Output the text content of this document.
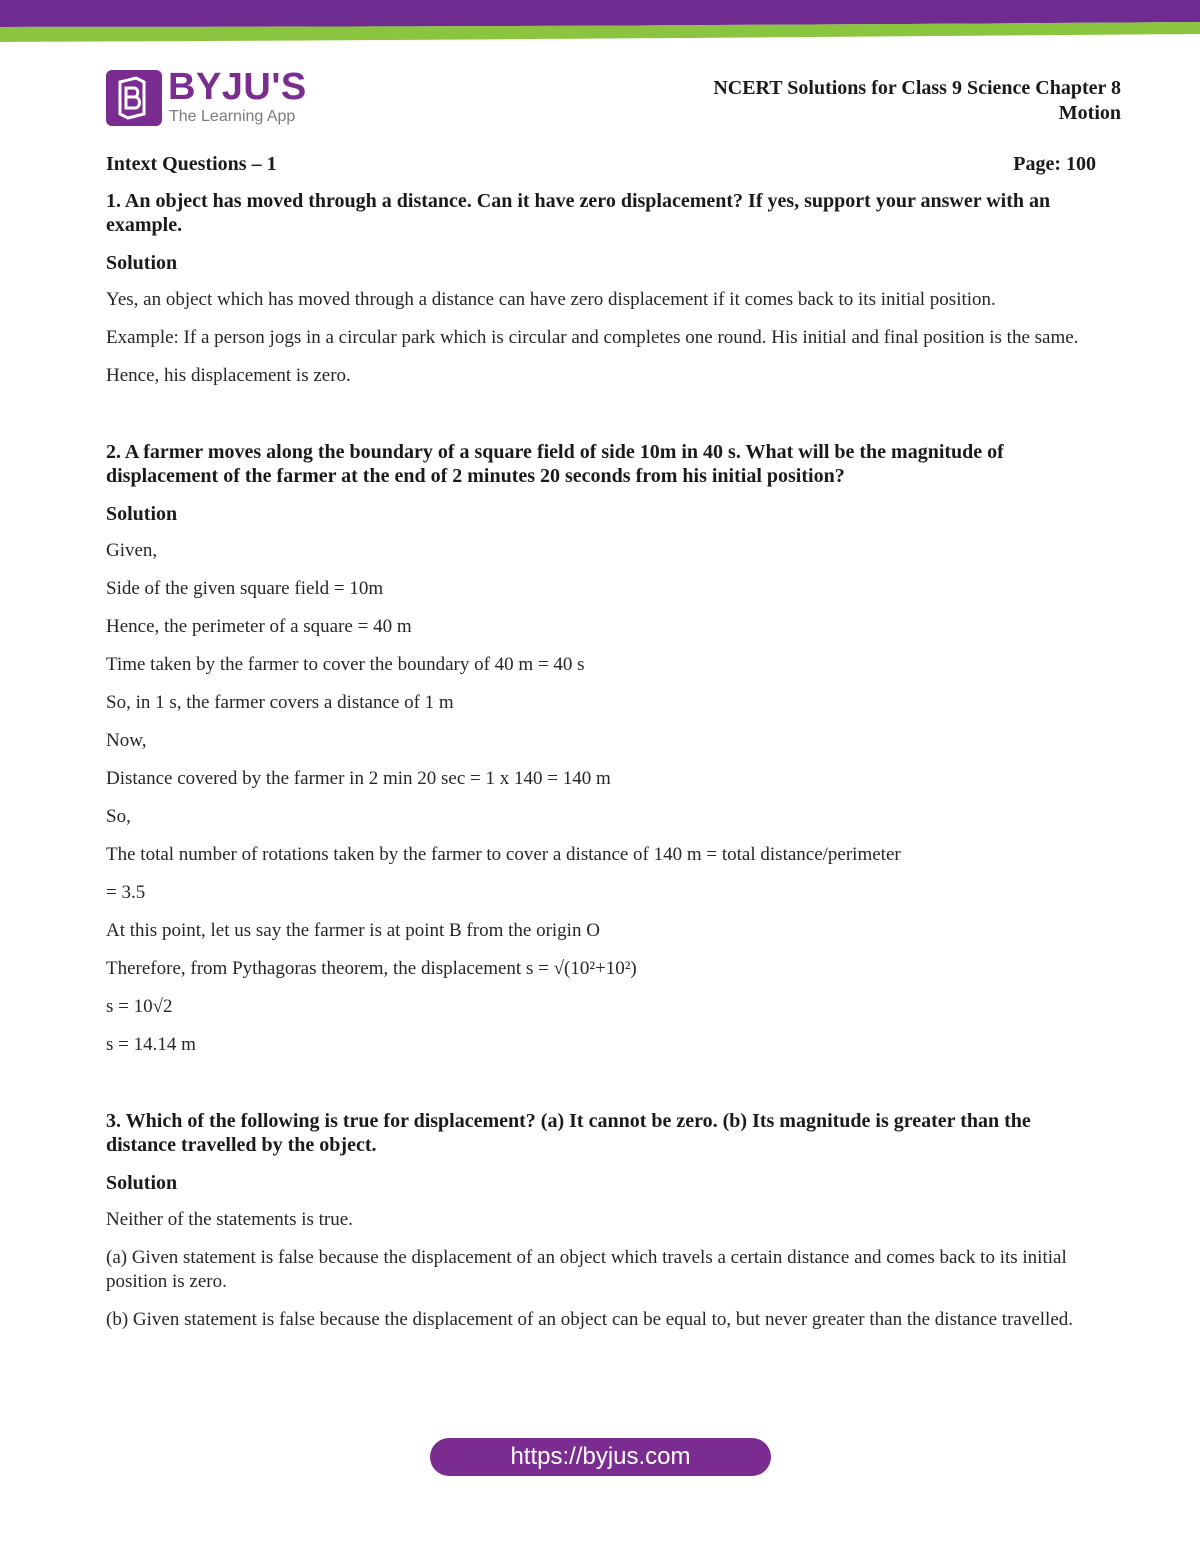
BYJU'S
The Learning App
NCERT Solutions for Class 9 Science Chapter 8
Motion
Intext Questions – 1	Page: 100
1. An object has moved through a distance. Can it have zero displacement? If yes, support your answer with an example.
Solution
Yes, an object which has moved through a distance can have zero displacement if it comes back to its initial position.
Example: If a person jogs in a circular park which is circular and completes one round. His initial and final position is the same.
Hence, his displacement is zero.
2. A farmer moves along the boundary of a square field of side 10m in 40 s. What will be the magnitude of displacement of the farmer at the end of 2 minutes 20 seconds from his initial position?
Solution
Given,
Side of the given square field = 10m
Hence, the perimeter of a square = 40 m
Time taken by the farmer to cover the boundary of 40 m = 40 s
So, in 1 s, the farmer covers a distance of 1 m
Now,
Distance covered by the farmer in 2 min 20 sec = 1 x 140 = 140 m
So,
The total number of rotations taken by the farmer to cover a distance of 140 m = total distance/perimeter
= 3.5
At this point, let us say the farmer is at point B from the origin O
Therefore, from Pythagoras theorem, the displacement s = √(10²+10²)
s = 10√2
s = 14.14 m
3. Which of the following is true for displacement? (a) It cannot be zero. (b) Its magnitude is greater than the distance travelled by the object.
Solution
Neither of the statements is true.
(a) Given statement is false because the displacement of an object which travels a certain distance and comes back to its initial position is zero.
(b) Given statement is false because the displacement of an object can be equal to, but never greater than the distance travelled.
https://byjus.com
